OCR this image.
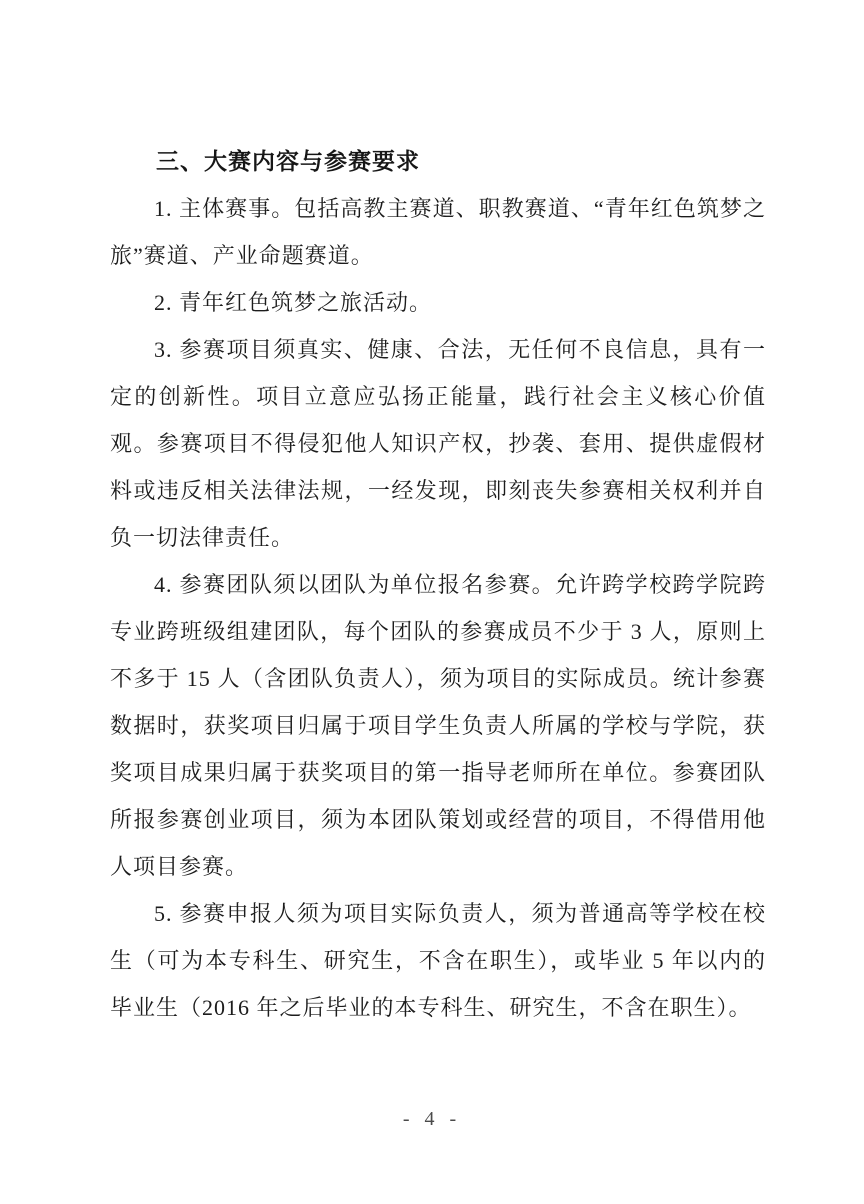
三、大赛内容与参赛要求

1. 主体赛事。包括高教主赛道、职教赛道、“青年红色筑梦之旅”赛道、产业命题赛道。

2. 青年红色筑梦之旅活动。

3. 参赛项目须真实、健康、合法，无任何不良信息，具有一定的创新性。项目立意应弘扬正能量，践行社会主义核心价值观。参赛项目不得侵犯他人知识产权，抄袭、套用、提供虚假材料或违反相关法律法规，一经发现，即刻丧失参赛相关权利并自负一切法律责任。

4. 参赛团队须以团队为单位报名参赛。允许跨学校跨学院跨专业跨班级组建团队，每个团队的参赛成员不少于 3 人，原则上不多于 15 人（含团队负责人），须为项目的实际成员。统计参赛数据时，获奖项目归属于项目学生负责人所属的学校与学院，获奖项目成果归属于获奖项目的第一指导老师所在单位。参赛团队所报参赛创业项目，须为本团队策划或经营的项目，不得借用他人项目参赛。

5. 参赛申报人须为项目实际负责人，须为普通高等学校在校生（可为本专科生、研究生，不含在职生），或毕业 5 年以内的毕业生（2016 年之后毕业的本专科生、研究生，不含在职生）。

- 4 -
